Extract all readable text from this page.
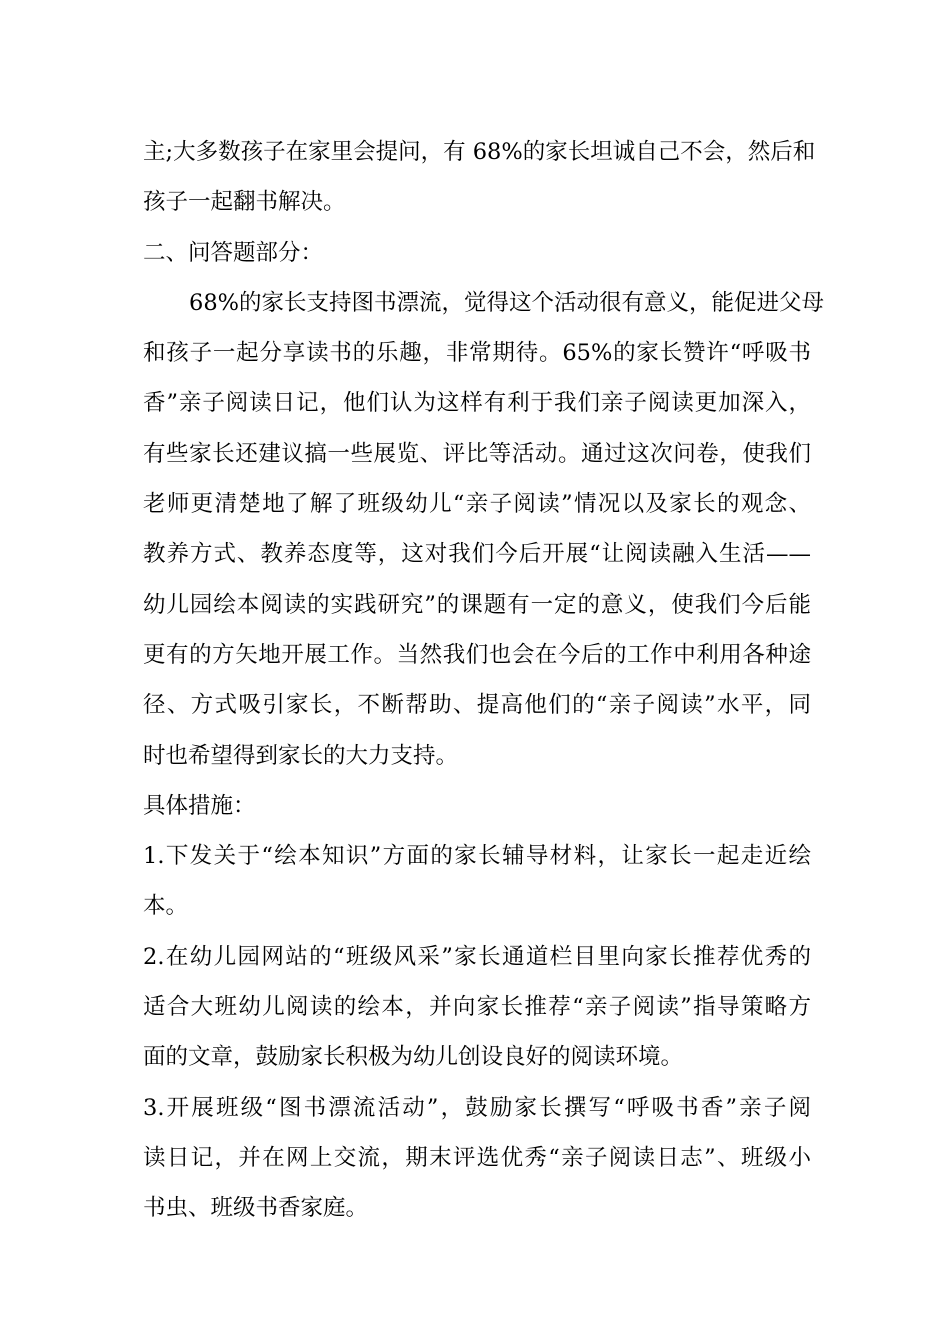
主;大多数孩子在家里会提问，有 68%的家长坦诚自己不会，然后和

孩子一起翻书解决。

二、问答题部分：

68%的家长支持图书漂流，觉得这个活动很有意义，能促进父母

和孩子一起分享读书的乐趣，非常期待。65%的家长赞许“呼吸书

香”亲子阅读日记，他们认为这样有利于我们亲子阅读更加深入，

有些家长还建议搞一些展览、评比等活动。通过这次问卷，使我们

老师更清楚地了解了班级幼儿“亲子阅读”情况以及家长的观念、

教养方式、教养态度等，这对我们今后开展“让阅读融入生活——

幼儿园绘本阅读的实践研究”的课题有一定的意义，使我们今后能

更有的方矢地开展工作。当然我们也会在今后的工作中利用各种途

径、方式吸引家长，不断帮助、提高他们的“亲子阅读”水平，同

时也希望得到家长的大力支持。

具体措施：

1.下发关于“绘本知识”方面的家长辅导材料，让家长一起走近绘

本。

2.在幼儿园网站的“班级风采”家长通道栏目里向家长推荐优秀的

适合大班幼儿阅读的绘本，并向家长推荐“亲子阅读”指导策略方

面的文章，鼓励家长积极为幼儿创设良好的阅读环境。

3.开展班级“图书漂流活动”，鼓励家长撰写“呼吸书香”亲子阅

读日记，并在网上交流，期末评选优秀“亲子阅读日志”、班级小

书虫、班级书香家庭。
